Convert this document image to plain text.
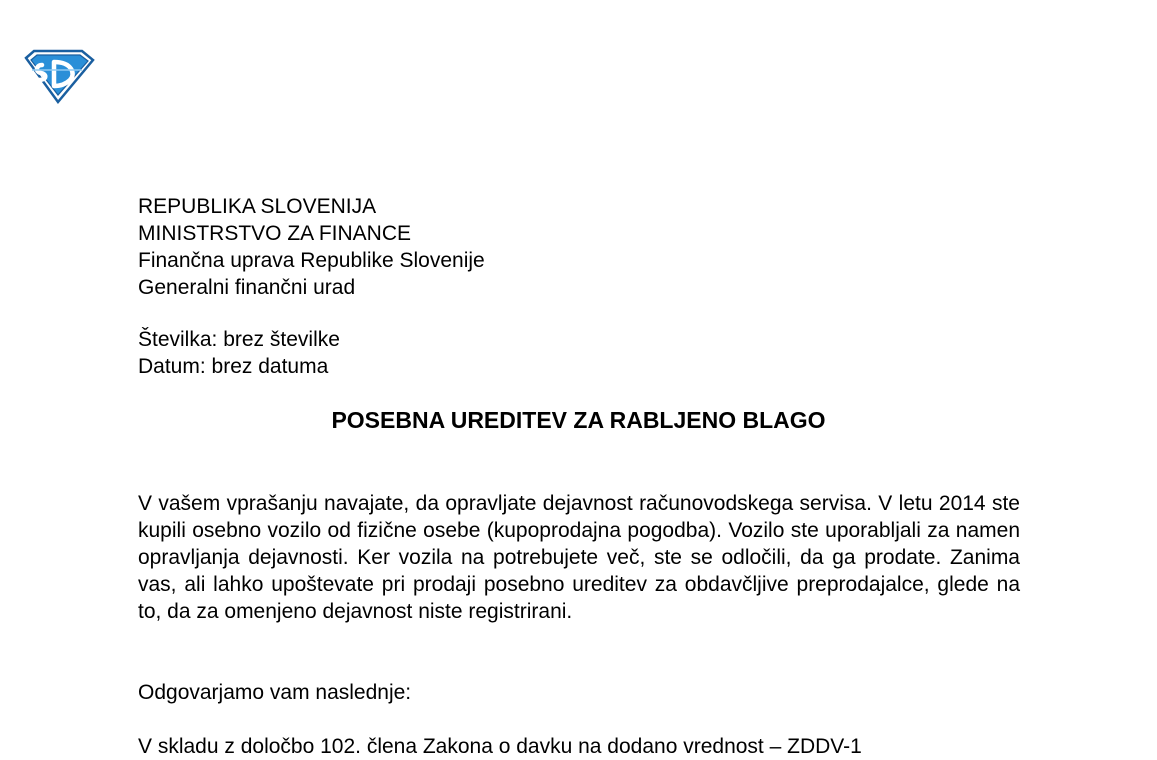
REPUBLIKA SLOVENIJA
MINISTRSTVO ZA FINANCE
Finančna uprava Republike Slovenije
Generalni finančni urad
Številka: brez številke
Datum: brez datuma
POSEBNA UREDITEV ZA RABLJENO BLAGO

V vašem vprašanju navajate, da opravljate dejavnost računovodskega servisa. V letu 2014 ste kupili osebno vozilo od fizične osebe (kupoprodajna pogodba). Vozilo ste uporabljali za namen opravljanja dejavnosti. Ker vozila na potrebujete več, ste se odločili, da ga prodate. Zanima vas, ali lahko upoštevate pri prodaji posebno ureditev za obdavčljive preprodajalce, glede na to, da za omenjeno dejavnost niste registrirani.

Odgovarjamo vam naslednje:

V skladu z določbo 102. člena Zakona o davku na dodano vrednost – ZDDV-1
